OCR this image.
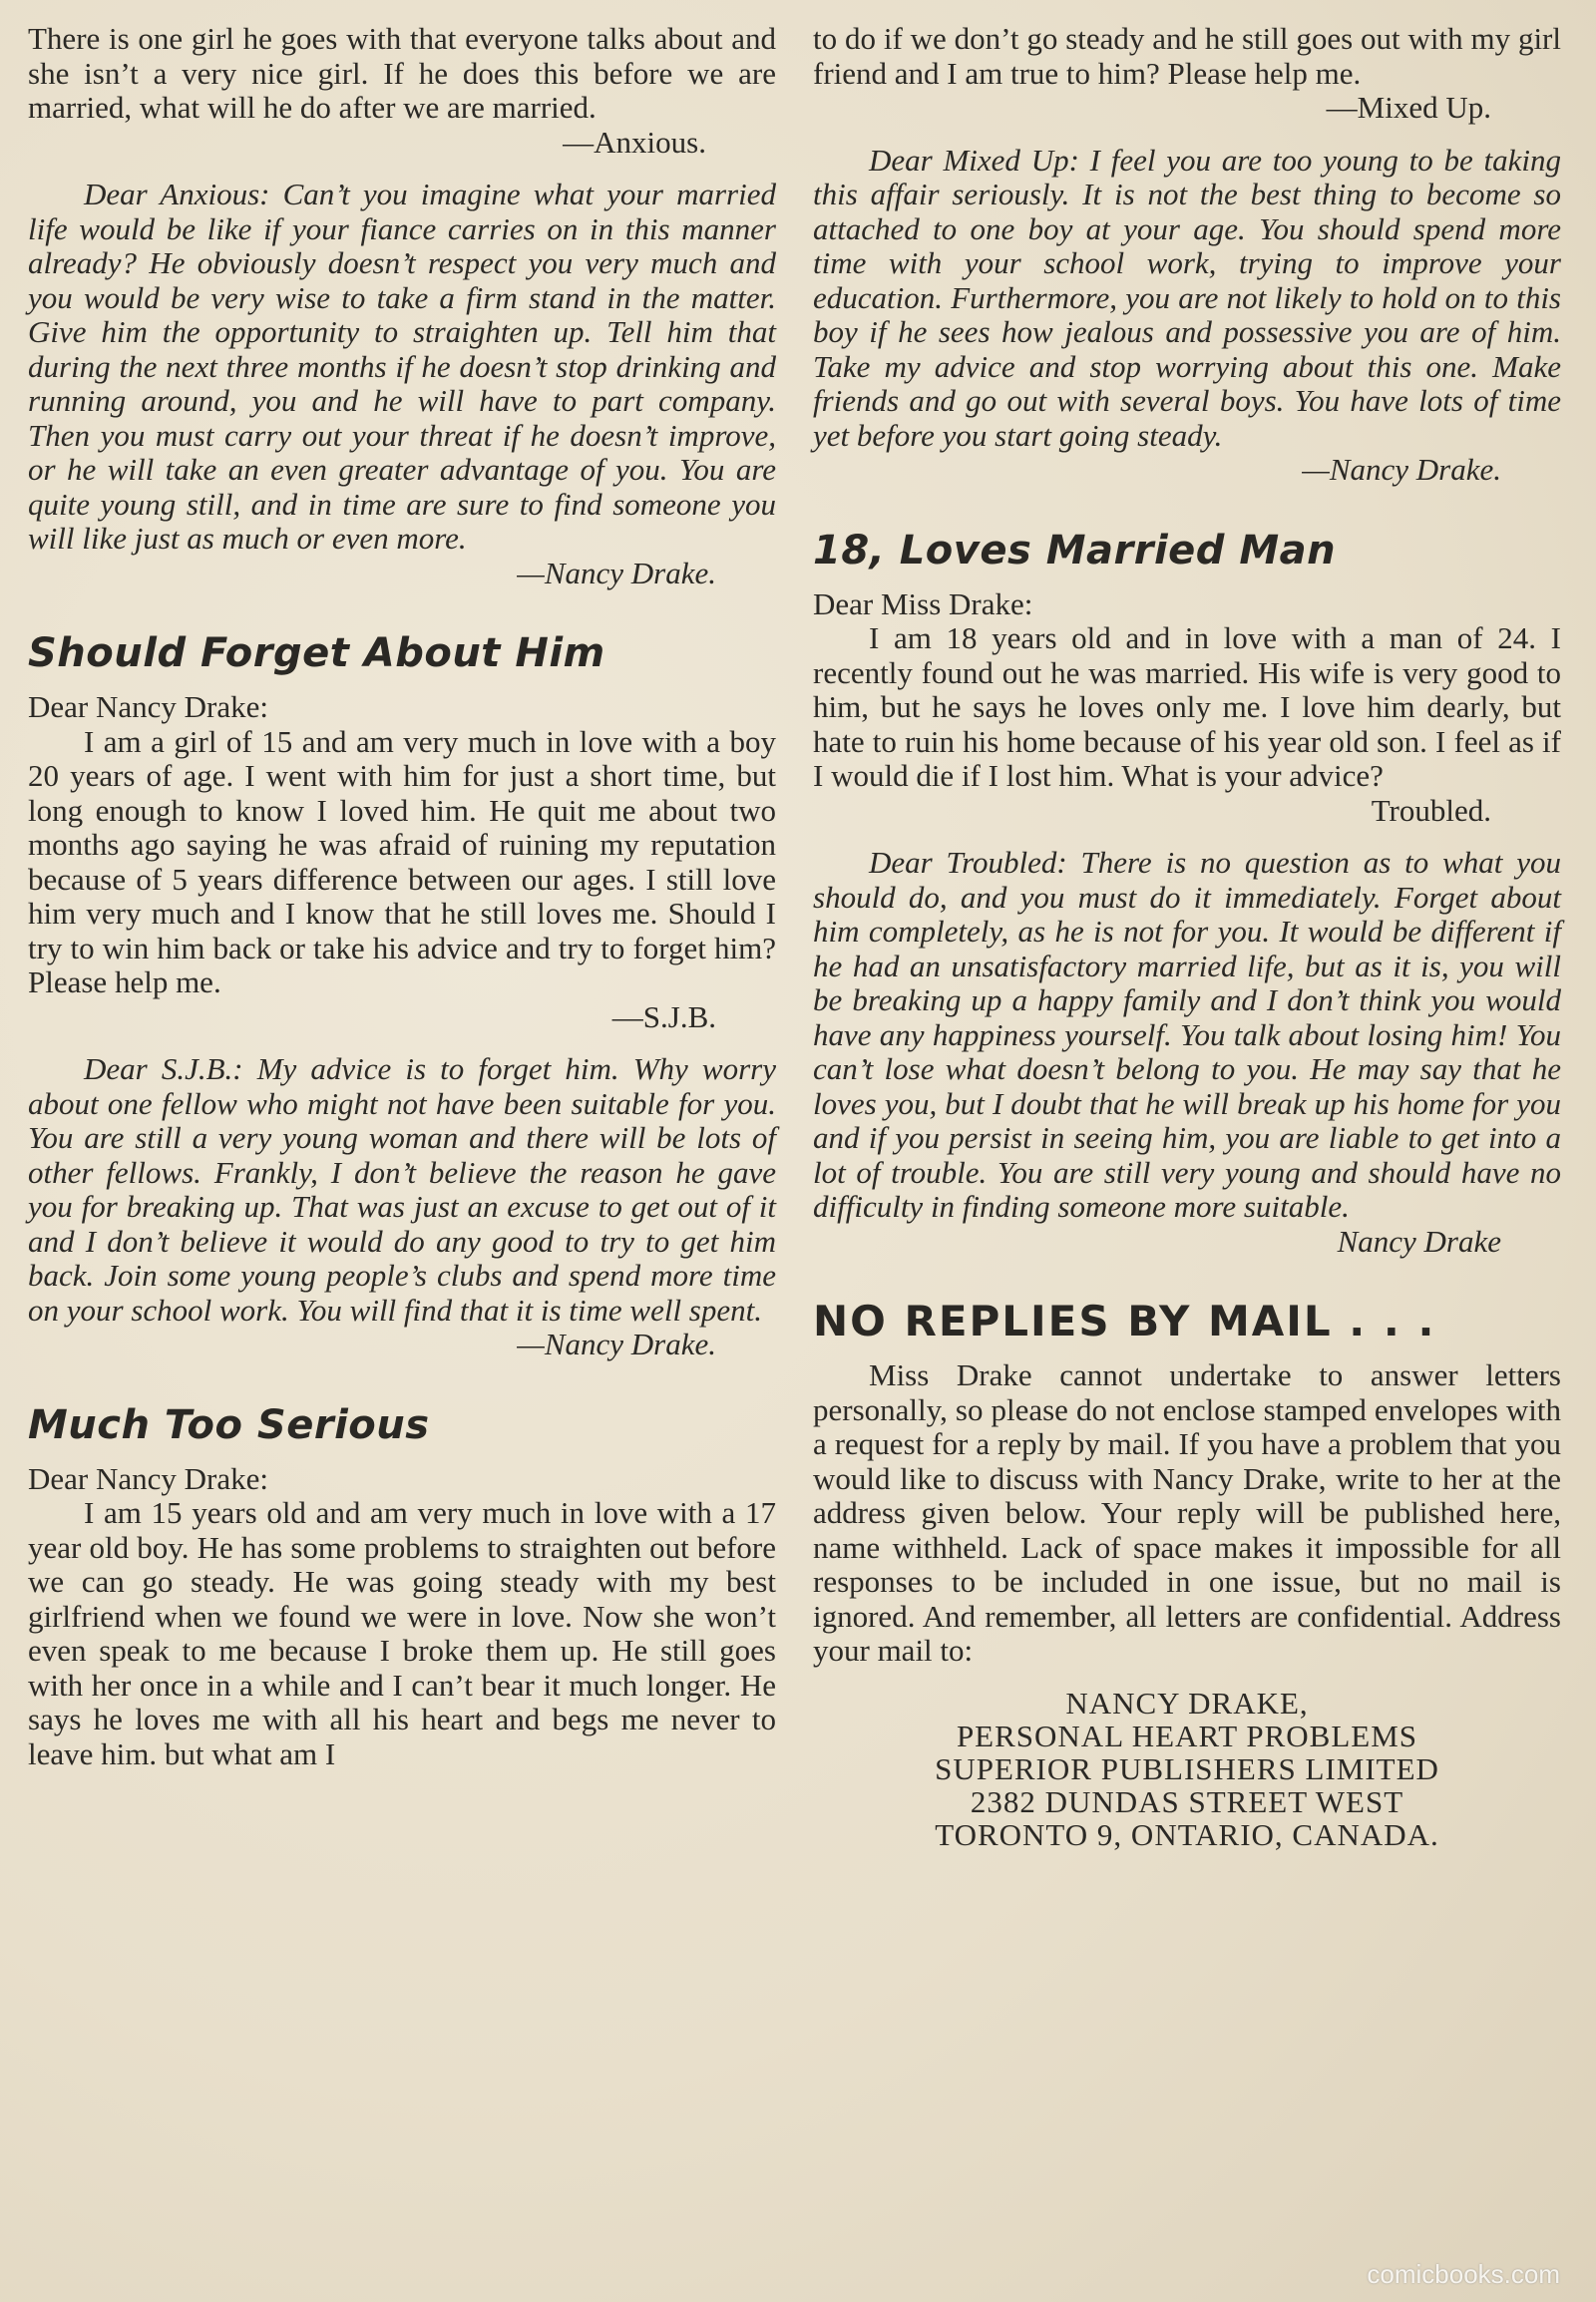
There is one girl he goes with that everyone talks about and she isn’t a very nice girl. If he does this before we are married, what will he do after we are married.

—Anxious.

Dear Anxious: Can’t you imagine what your married life would be like if your fiance carries on in this manner already? He obviously doesn’t respect you very much and you would be very wise to take a firm stand in the matter. Give him the opportunity to straighten up. Tell him that during the next three months if he doesn’t stop drinking and running around, you and he will have to part company. Then you must carry out your threat if he doesn’t improve, or he will take an even greater advantage of you. You are quite young still, and in time are sure to find someone you will like just as much or even more.

—Nancy Drake.

Should Forget About Him

Dear Nancy Drake:

I am a girl of 15 and am very much in love with a boy 20 years of age. I went with him for just a short time, but long enough to know I loved him. He quit me about two months ago saying he was afraid of ruining my reputation because of 5 years difference between our ages. I still love him very much and I know that he still loves me. Should I try to win him back or take his advice and try to forget him? Please help me.

—S.J.B.

Dear S.J.B.: My advice is to forget him. Why worry about one fellow who might not have been suitable for you. You are still a very young woman and there will be lots of other fellows. Frankly, I don’t believe the reason he gave you for breaking up. That was just an excuse to get out of it and I don’t believe it would do any good to try to get him back. Join some young people’s clubs and spend more time on your school work. You will find that it is time well spent.

—Nancy Drake.

Much Too Serious

Dear Nancy Drake:

I am 15 years old and am very much in love with a 17 year old boy. He has some problems to straighten out before we can go steady. He was going steady with my best girlfriend when we found we were in love. Now she won’t even speak to me because I broke them up. He still goes with her once in a while and I can’t bear it much longer. He says he loves me with all his heart and begs me never to leave him. but what am I

to do if we don’t go steady and he still goes out with my girl friend and I am true to him? Please help me.

—Mixed Up.

Dear Mixed Up: I feel you are too young to be taking this affair seriously. It is not the best thing to become so attached to one boy at your age. You should spend more time with your school work, trying to improve your education. Furthermore, you are not likely to hold on to this boy if he sees how jealous and possessive you are of him. Take my advice and stop worrying about this one. Make friends and go out with several boys. You have lots of time yet before you start going steady.

—Nancy Drake.

18, Loves Married Man

Dear Miss Drake:

I am 18 years old and in love with a man of 24. I recently found out he was married. His wife is very good to him, but he says he loves only me. I love him dearly, but hate to ruin his home because of his year old son. I feel as if I would die if I lost him. What is your advice?

Troubled.

Dear Troubled: There is no question as to what you should do, and you must do it immediately. Forget about him completely, as he is not for you. It would be different if he had an unsatisfactory married life, but as it is, you will be breaking up a happy family and I don’t think you would have any happiness yourself. You talk about losing him! You can’t lose what doesn’t belong to you. He may say that he loves you, but I doubt that he will break up his home for you and if you persist in seeing him, you are liable to get into a lot of trouble. You are still very young and should have no difficulty in finding someone more suitable.

Nancy Drake

NO REPLIES BY MAIL . . .

Miss Drake cannot undertake to answer letters personally, so please do not enclose stamped envelopes with a request for a reply by mail. If you have a problem that you would like to discuss with Nancy Drake, write to her at the address given below. Your reply will be published here, name withheld. Lack of space makes it impossible for all responses to be included in one issue, but no mail is ignored. And remember, all letters are confidential. Address your mail to:

NANCY DRAKE,
PERSONAL HEART PROBLEMS
SUPERIOR PUBLISHERS LIMITED
2382 DUNDAS STREET WEST
TORONTO 9, ONTARIO, CANADA.
comicbooks.com
